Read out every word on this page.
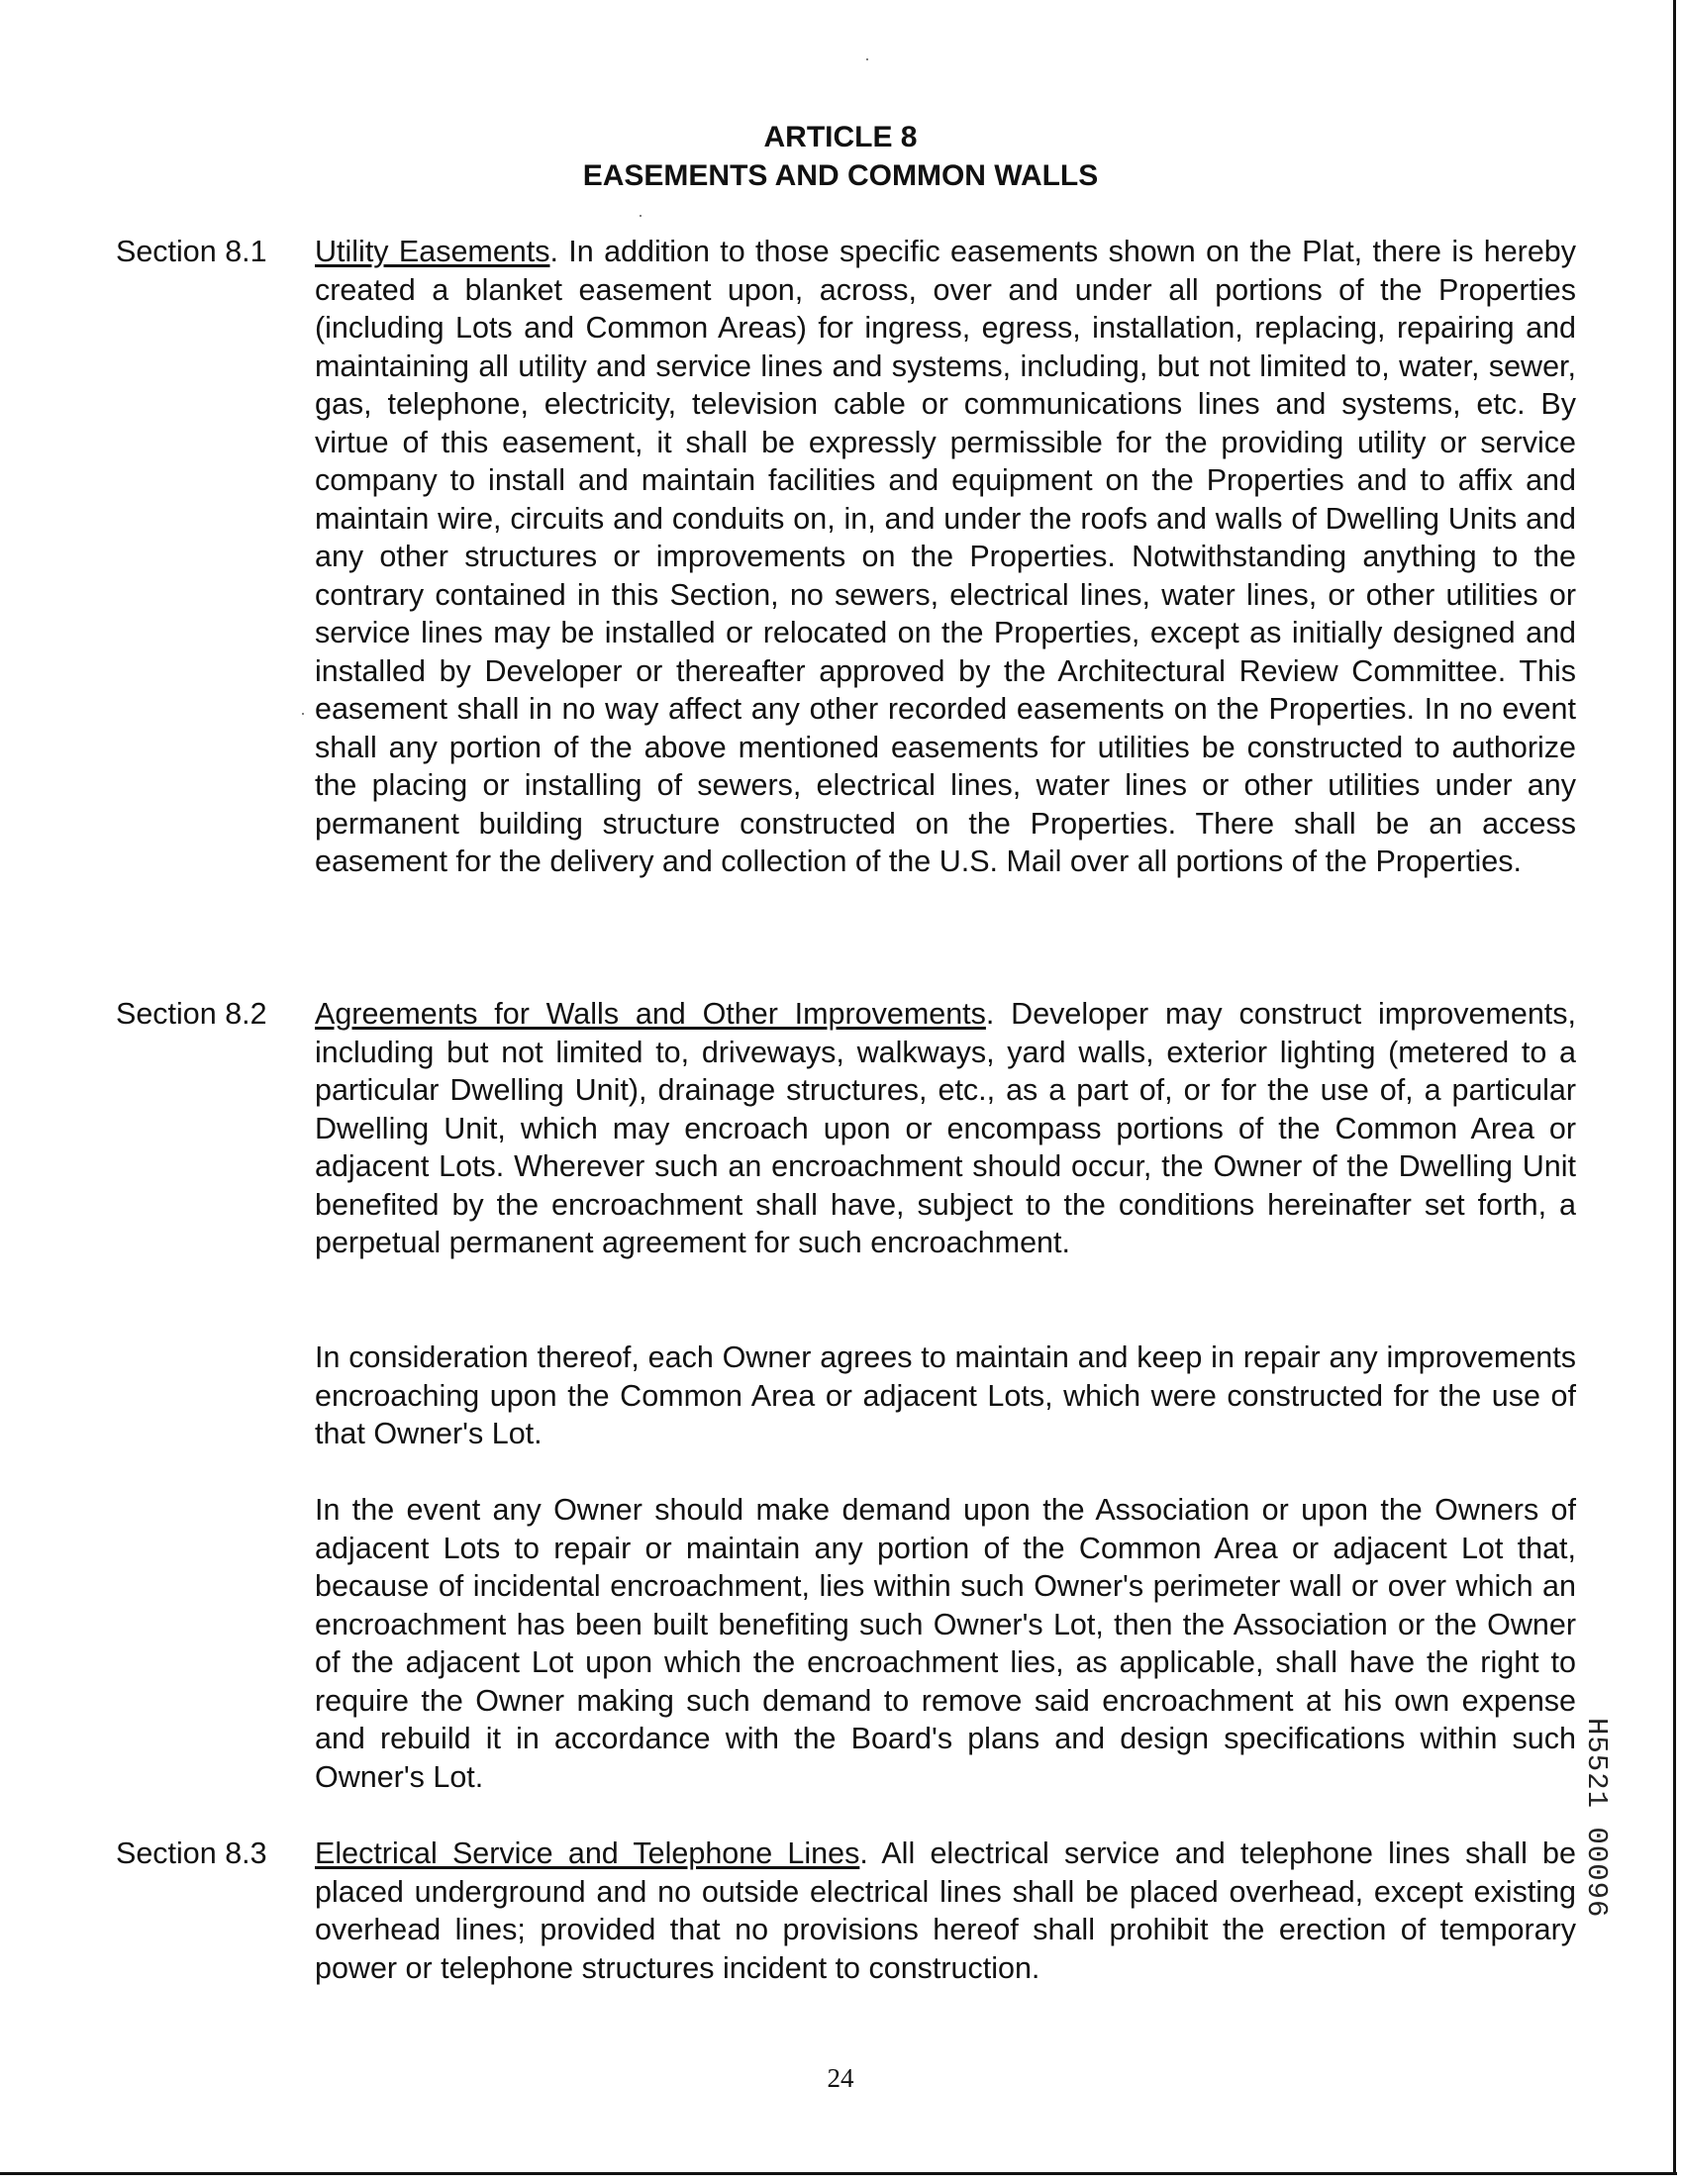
ARTICLE 8
EASEMENTS AND COMMON WALLS
Section 8.1 Utility Easements. In addition to those specific easements shown on the Plat, there is hereby created a blanket easement upon, across, over and under all portions of the Properties (including Lots and Common Areas) for ingress, egress, installation, replacing, repairing and maintaining all utility and service lines and systems, including, but not limited to, water, sewer, gas, telephone, electricity, television cable or communications lines and systems, etc. By virtue of this easement, it shall be expressly permissible for the providing utility or service company to install and maintain facilities and equipment on the Properties and to affix and maintain wire, circuits and conduits on, in, and under the roofs and walls of Dwelling Units and any other structures or improvements on the Properties. Notwithstanding anything to the contrary contained in this Section, no sewers, electrical lines, water lines, or other utilities or service lines may be installed or relocated on the Properties, except as initially designed and installed by Developer or thereafter approved by the Architectural Review Committee. This easement shall in no way affect any other recorded easements on the Properties. In no event shall any portion of the above mentioned easements for utilities be constructed to authorize the placing or installing of sewers, electrical lines, water lines or other utilities under any permanent building structure constructed on the Properties. There shall be an access easement for the delivery and collection of the U.S. Mail over all portions of the Properties.
Section 8.2 Agreements for Walls and Other Improvements. Developer may construct improvements, including but not limited to, driveways, walkways, yard walls, exterior lighting (metered to a particular Dwelling Unit), drainage structures, etc., as a part of, or for the use of, a particular Dwelling Unit, which may encroach upon or encompass portions of the Common Area or adjacent Lots. Wherever such an encroachment should occur, the Owner of the Dwelling Unit benefited by the encroachment shall have, subject to the conditions hereinafter set forth, a perpetual permanent agreement for such encroachment.
In consideration thereof, each Owner agrees to maintain and keep in repair any improvements encroaching upon the Common Area or adjacent Lots, which were constructed for the use of that Owner's Lot.
In the event any Owner should make demand upon the Association or upon the Owners of adjacent Lots to repair or maintain any portion of the Common Area or adjacent Lot that, because of incidental encroachment, lies within such Owner's perimeter wall or over which an encroachment has been built benefiting such Owner's Lot, then the Association or the Owner of the adjacent Lot upon which the encroachment lies, as applicable, shall have the right to require the Owner making such demand to remove said encroachment at his own expense and rebuild it in accordance with the Board's plans and design specifications within such Owner's Lot.
Section 8.3 Electrical Service and Telephone Lines. All electrical service and telephone lines shall be placed underground and no outside electrical lines shall be placed overhead, except existing overhead lines; provided that no provisions hereof shall prohibit the erection of temporary power or telephone structures incident to construction.
24
H5521 00096
